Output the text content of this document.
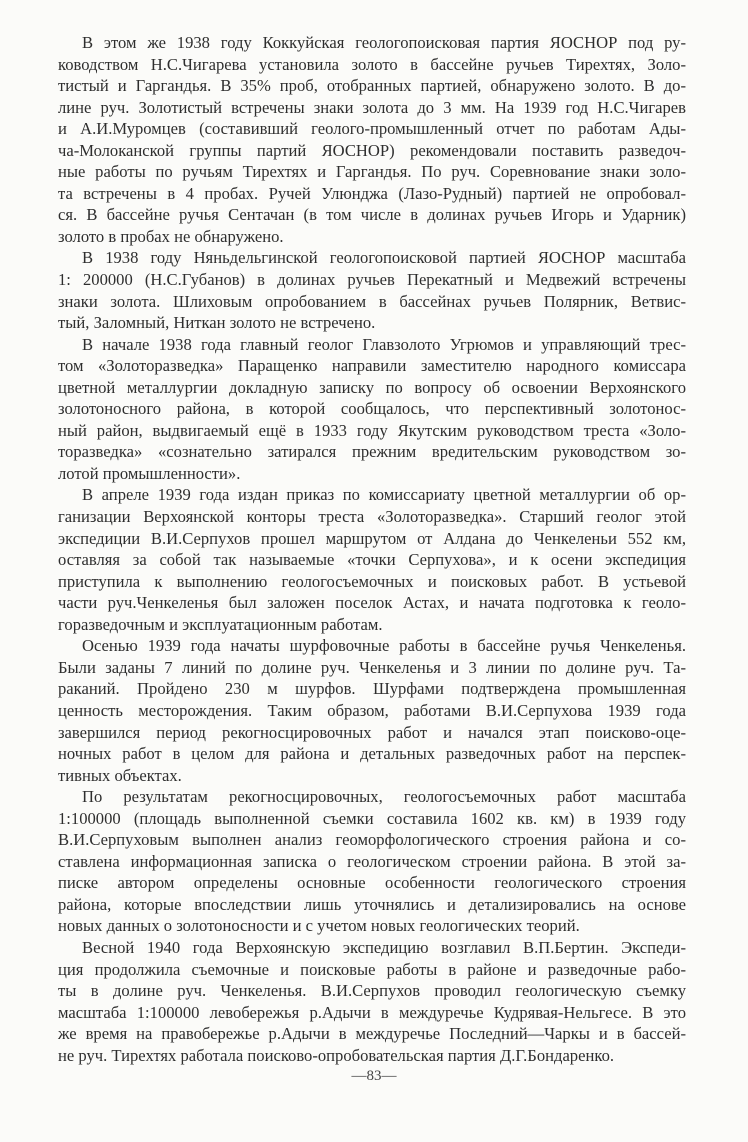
В этом же 1938 году Коккуйская геологопоисковая партия ЯОСНОР под ру-
ководством Н.С.Чигарева установила золото в бассейне ручьев Тирехтях, Золо-
тистый и Гаргандья. В 35% проб, отобранных партией, обнаружено золото. В до-
лине руч. Золотистый встречены знаки золота до 3 мм. На 1939 год Н.С.Чигарев
и А.И.Муромцев (составивший геолого-промышленный отчет по работам Ады-
ча-Молоканской группы партий ЯОСНОР) рекомендовали поставить разведоч-
ные работы по ручьям Тирехтях и Гаргандья. По руч. Соревнование знаки золо-
та встречены в 4 пробах. Ручей Улюнджа (Лазо-Рудный) партией не опробовал-
ся. В бассейне ручья Сентачан (в том числе в долинах ручьев Игорь и Ударник)
золото в пробах не обнаружено.
В 1938 году Няньдельгинской геологопоисковой партией ЯОСНОР масштаба
1: 200000 (Н.С.Губанов) в долинах ручьев Перекатный и Медвежий встречены
знаки золота. Шлиховым опробованием в бассейнах ручьев Полярник, Ветвис-
тый, Заломный, Ниткан золото не встречено.
В начале 1938 года главный геолог Главзолото Угрюмов и управляющий трес-
том «Золоторазведка» Паращенко направили заместителю народного комиссара
цветной металлургии докладную записку по вопросу об освоении Верхоянского
золотоносного района, в которой сообщалось, что перспективный золотонос-
ный район, выдвигаемый ещё в 1933 году Якутским руководством треста «Золо-
торазведка» «сознательно затирался прежним вредительским руководством зо-
лотой промышленности».
В апреле 1939 года издан приказ по комиссариату цветной металлургии об ор-
ганизации Верхоянской конторы треста «Золоторазведка». Старший геолог этой
экспедиции В.И.Серпухов прошел маршрутом от Алдана до Ченкеленьи 552 км,
оставляя за собой так называемые «точки Серпухова», и к осени экспедиция
приступила к выполнению геологосъемочных и поисковых работ. В устьевой
части руч.Ченкеленья был заложен поселок Астах, и начата подготовка к геоло-
горазведочным и эксплуатационным работам.
Осенью 1939 года начаты шурфовочные работы в бассейне ручья Ченкеленья.
Были заданы 7 линий по долине руч. Ченкеленья и 3 линии по долине руч. Та-
раканий. Пройдено 230 м шурфов. Шурфами подтверждена промышленная
ценность месторождения. Таким образом, работами В.И.Серпухова 1939 года
завершился период рекогносцировочных работ и начался этап поисково-оце-
ночных работ в целом для района и детальных разведочных работ на перспек-
тивных объектах.
По результатам рекогносцировочных, геологосъемочных работ масштаба
1:100000 (площадь выполненной съемки составила 1602 кв. км) в 1939 году
В.И.Серпуховым выполнен анализ геоморфологического строения района и со-
ставлена информационная записка о геологическом строении района. В этой за-
писке автором определены основные особенности геологического строения
района, которые впоследствии лишь уточнялись и детализировались на основе
новых данных о золотоносности и с учетом новых геологических теорий.
Весной 1940 года Верхоянскую экспедицию возглавил В.П.Бертин. Экспеди-
ция продолжила съемочные и поисковые работы в районе и разведочные рабо-
ты в долине руч. Ченкеленья. В.И.Серпухов проводил геологическую съемку
масштаба 1:100000 левобережья р.Адычи в междуречье Кудрявая-Нельгесе. В это
же время на правобережье р.Адычи в междуречье Последний—Чаркы и в бассей-
не руч. Тирехтях работала поисково-опробовательская партия Д.Г.Бондаренко.
—83—
